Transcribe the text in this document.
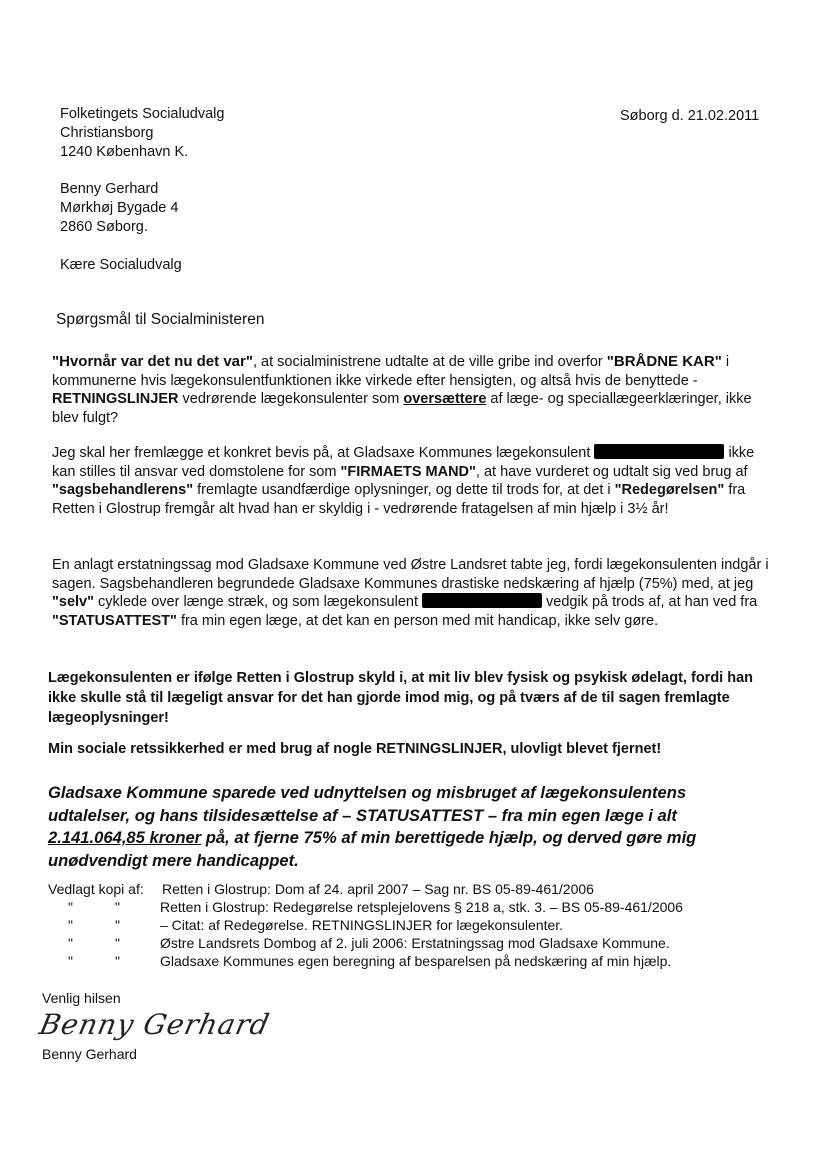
Folketingets Socialudvalg
Christiansborg
1240 København K.
Søborg d. 21.02.2011
Benny Gerhard
Mørkhøj Bygade 4
2860 Søborg.
Kære Socialudvalg
Spørgsmål til Socialministeren
"Hvornår var det nu det var", at socialministrene udtalte at de ville gribe ind overfor "BRÅDNE KAR" i kommunerne hvis lægekonsulentfunktionen ikke virkede efter hensigten, og altså hvis de benyttede - RETNINGSLINJER vedrørende lægekonsulenter som oversættere af læge- og speciallægeerklæringer, ikke blev fulgt?
Jeg skal her fremlægge et konkret bevis på, at Gladsaxe Kommunes lægekonsulent	ikke kan stilles til ansvar ved domstolene for som "FIRMAETS MAND", at have vurderet og udtalt sig ved brug af "sagsbehandlerens" fremlagte usandfærdige oplysninger, og dette til trods for, at det i "Redegørelsen" fra Retten i Glostrup fremgår alt hvad han er skyldig i - vedrørende fratagelsen af min hjælp i 3½ år!
En anlagt erstatningssag mod Gladsaxe Kommune ved Østre Landsret tabte jeg, fordi lægekonsulenten indgår i sagen. Sagsbehandleren begrundede Gladsaxe Kommunes drastiske nedskæring af hjælp (75%) med, at jeg "selv" cyklede over længe stræk, og som lægekonsulent	vedgik på trods af, at han ved fra "STATUSATTEST" fra min egen læge, at det kan en person med mit handicap, ikke selv gøre.
Lægekonsulenten er ifølge Retten i Glostrup skyld i, at mit liv blev fysisk og psykisk ødelagt, fordi han ikke skulle stå til lægeligt ansvar for det han gjorde imod mig, og på tværs af de til sagen fremlagte lægeoplysninger!
Min sociale retssikkerhed er med brug af nogle RETNINGSLINJER, ulovligt blevet fjernet!
Gladsaxe Kommune sparede ved udnyttelsen og misbruget af lægekonsulentens udtalelser, og hans tilsidesættelse af – STATUSATTEST – fra min egen læge i alt 2.141.064,85 kroner på, at fjerne 75% af min berettigede hjælp, og derved gøre mig unødvendigt mere handicappet.
Vedlagt kopi af: Retten i Glostrup: Dom af 24. april 2007 – Sag nr. BS 05-89-461/2006
"	"	Retten i Glostrup: Redegørelse retsplejelovens § 218 a, stk. 3. – BS 05-89-461/2006
"	"	– Citat: af Redegørelse. RETNINGSLINJER for lægekonsulenter.
"	"	Østre Landsrets Dombog af 2. juli 2006: Erstatningssag mod Gladsaxe Kommune.
"	"	Gladsaxe Kommunes egen beregning af besparelsen på nedskæring af min hjælp.
Venlig hilsen
Benny Gerhard
Benny Gerhard
